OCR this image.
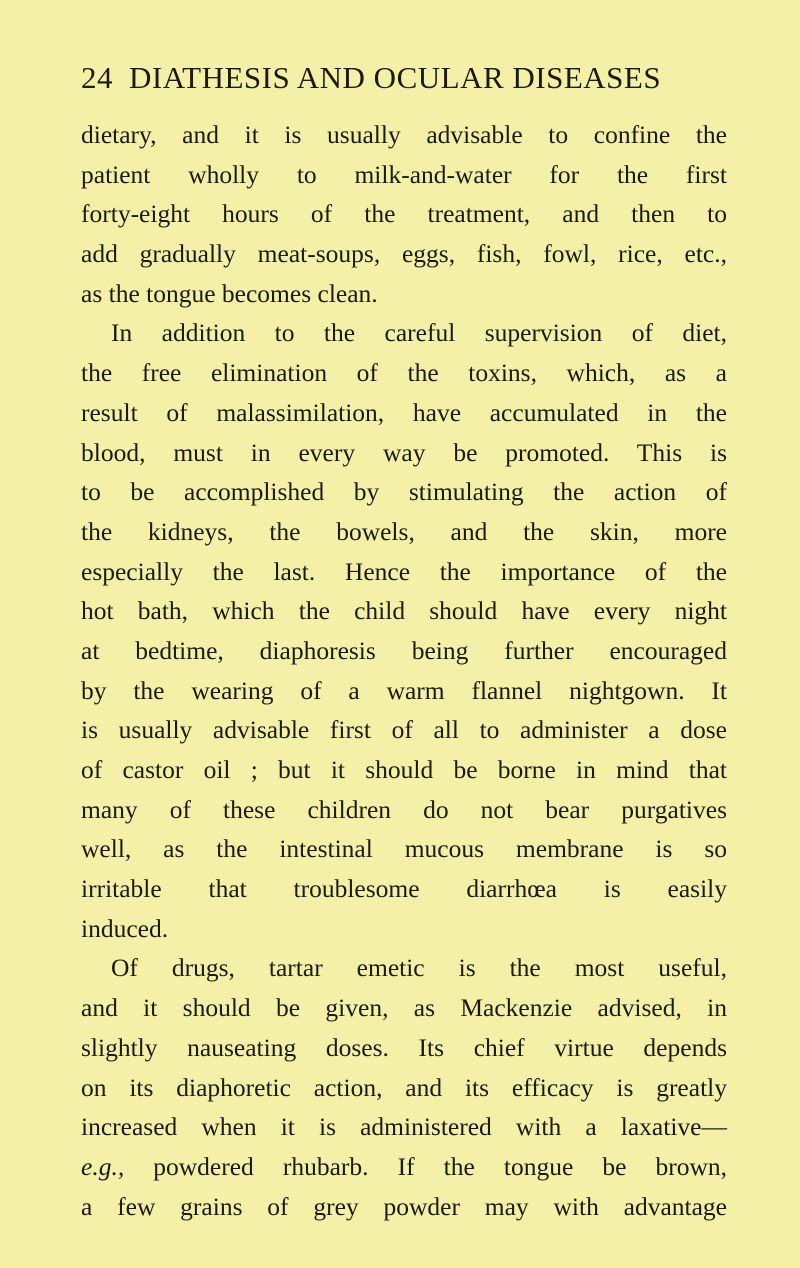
24 DIATHESIS AND OCULAR DISEASES
dietary, and it is usually advisable to confine the
patient wholly to milk-and-water for the first
forty-eight hours of the treatment, and then to
add gradually meat-soups, eggs, fish, fowl, rice, etc.,
as the tongue becomes clean.
In addition to the careful supervision of diet,
the free elimination of the toxins, which, as a
result of malassimilation, have accumulated in the
blood, must in every way be promoted. This is
to be accomplished by stimulating the action of
the kidneys, the bowels, and the skin, more
especially the last. Hence the importance of the
hot bath, which the child should have every night
at bedtime, diaphoresis being further encouraged
by the wearing of a warm flannel nightgown. It
is usually advisable first of all to administer a dose
of castor oil ; but it should be borne in mind that
many of these children do not bear purgatives
well, as the intestinal mucous membrane is so
irritable that troublesome diarrhœa is easily
induced.
Of drugs, tartar emetic is the most useful,
and it should be given, as Mackenzie advised, in
slightly nauseating doses. Its chief virtue depends
on its diaphoretic action, and its efficacy is greatly
increased when it is administered with a laxative—
e.g., powdered rhubarb. If the tongue be brown,
a few grains of grey powder may with advantage
